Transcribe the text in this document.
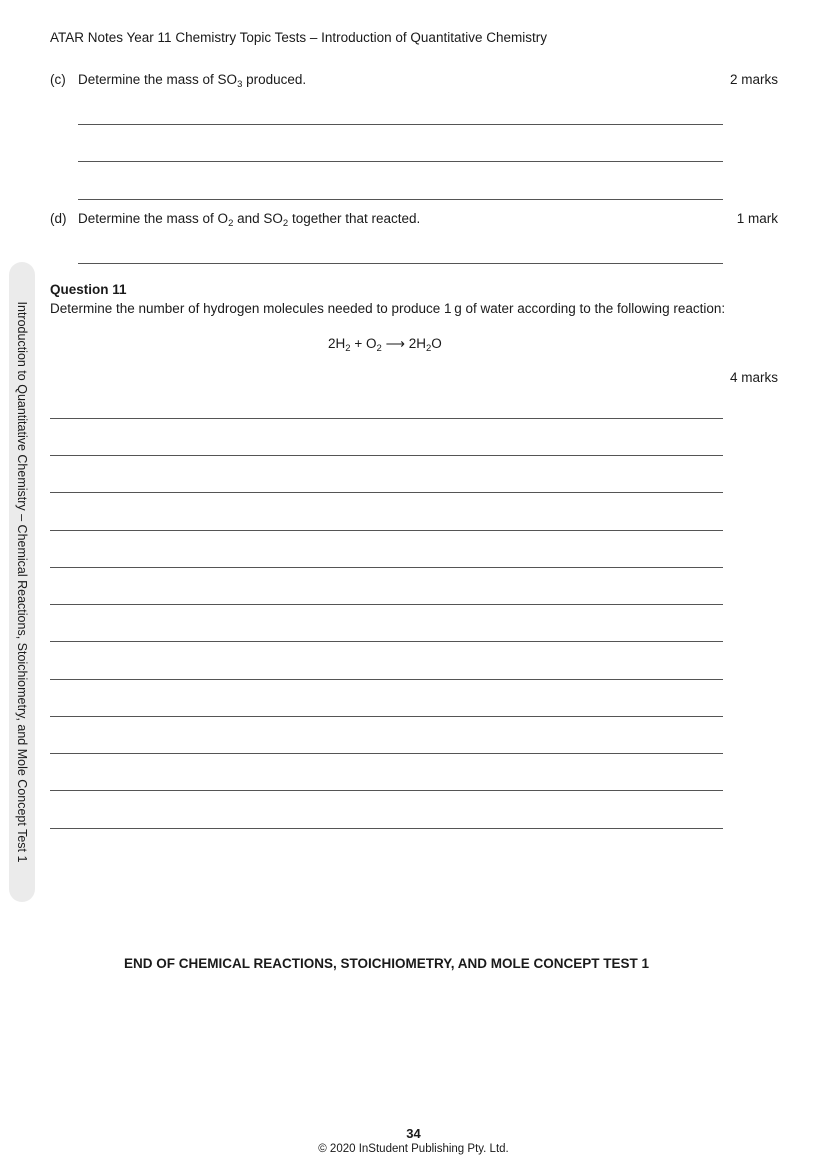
ATAR Notes Year 11 Chemistry Topic Tests – Introduction of Quantitative Chemistry
(c) Determine the mass of $SO_3$ produced.	2 marks
(d) Determine the mass of $O_2$ and $SO_2$ together that reacted.	1 mark
Introduction to Quantitative Chemistry – Chemical Reactions, Stoichiometry, and Mole Concept Test 1
Question 11
Determine the number of hydrogen molecules needed to produce 1 g of water according to the following reaction:
$2H_2 + O_2$ ⟶ $2H_2O$
4 marks
END OF CHEMICAL REACTIONS, STOICHIOMETRY, AND MOLE CONCEPT TEST 1
34
© 2020 InStudent Publishing Pty. Ltd.
